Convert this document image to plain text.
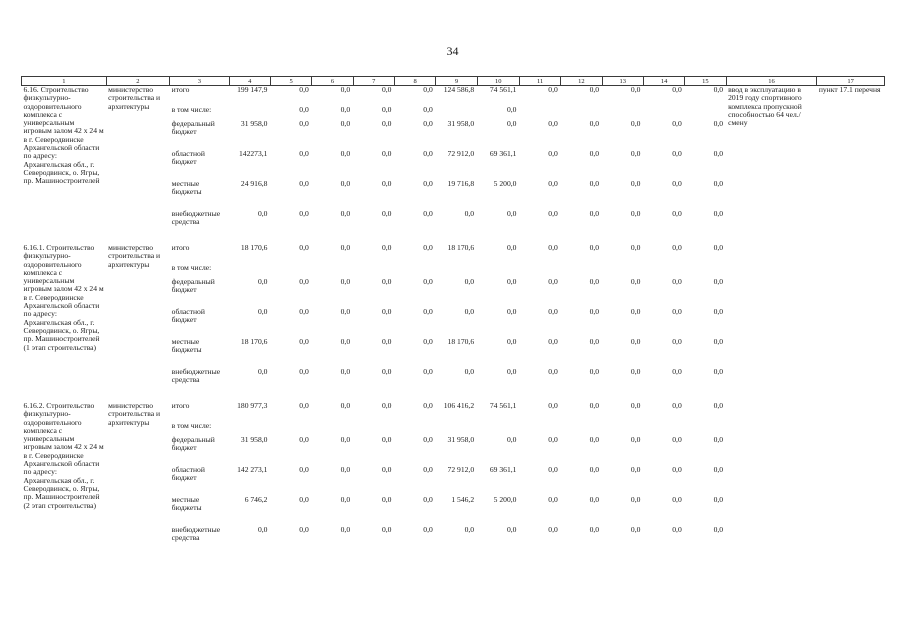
34
1	2	3	4	5	6	7	8	9	10	11	12	13	14	15	16	17
6.16. Строительство физкультурно-оздоровительного комплекса с универсальным игровым залом 42 х 24 м в г. Северодвинске Архангельской области по адресу: Архангельская обл., г. Северодвинск, о. Ягры, пр. Машиностроителей	министерство строительства и архитектуры	итого	199 147,9	0,0	0,0	0,0	0,0	124 586,8	74 561,1	0,0	0,0	0,0	0,0	0,0	ввод в эксплуатацию в 2019 году спортивного комплекса пропускной способностью 64 чел./смену	пункт 17.1 перечня
		в том числе:		0,0	0,0	0,0	0,0		0,0							
		федеральный бюджет	31 958,0	0,0	0,0	0,0	0,0	31 958,0	0,0	0,0	0,0	0,0	0,0	0,0		
		областной бюджет	142273,1	0,0	0,0	0,0	0,0	72 912,0	69 361,1	0,0	0,0	0,0	0,0	0,0		
		местные бюджеты	24 916,8	0,0	0,0	0,0	0,0	19 716,8	5 200,0	0,0	0,0	0,0	0,0	0,0		
		внебюджетные средства	0,0	0,0	0,0	0,0	0,0	0,0	0,0	0,0	0,0	0,0	0,0	0,0		

6.16.1. Строительство физкультурно-оздоровительного комплекса с универсальным игровым залом 42 х 24 м в г. Северодвинске Архангельской области по адресу: Архангельская обл., г. Северодвинск, о. Ягры, пр. Машиностроителей (1 этап строительства)	министерство строительства и архитектуры	итого	18 170,6	0,0	0,0	0,0	0,0	18 170,6	0,0	0,0	0,0	0,0	0,0	0,0		
		в том числе:														
		федеральный бюджет	0,0	0,0	0,0	0,0	0,0	0,0	0,0	0,0	0,0	0,0	0,0	0,0		
		областной бюджет	0,0	0,0	0,0	0,0	0,0	0,0	0,0	0,0	0,0	0,0	0,0	0,0		
		местные бюджеты	18 170,6	0,0	0,0	0,0	0,0	18 170,6	0,0	0,0	0,0	0,0	0,0	0,0		
		внебюджетные средства	0,0	0,0	0,0	0,0	0,0	0,0	0,0	0,0	0,0	0,0	0,0	0,0		

6.16.2. Строительство физкультурно-оздоровительного комплекса с универсальным игровым залом 42 х 24 м в г. Северодвинске Архангельской области по адресу: Архангельская обл., г. Северодвинск, о. Ягры, пр. Машиностроителей (2 этап строительства)	министерство строительства и архитектуры	итого	180 977,3	0,0	0,0	0,0	0,0	106 416,2	74 561,1	0,0	0,0	0,0	0,0	0,0		
		в том числе:														
		федеральный бюджет	31 958,0	0,0	0,0	0,0	0,0	31 958,0	0,0	0,0	0,0	0,0	0,0	0,0		
		областной бюджет	142 273,1	0,0	0,0	0,0	0,0	72 912,0	69 361,1	0,0	0,0	0,0	0,0	0,0		
		местные бюджеты	6 746,2	0,0	0,0	0,0	0,0	1 546,2	5 200,0	0,0	0,0	0,0	0,0	0,0		
		внебюджетные средства	0,0	0,0	0,0	0,0	0,0	0,0	0,0	0,0	0,0	0,0	0,0	0,0		
